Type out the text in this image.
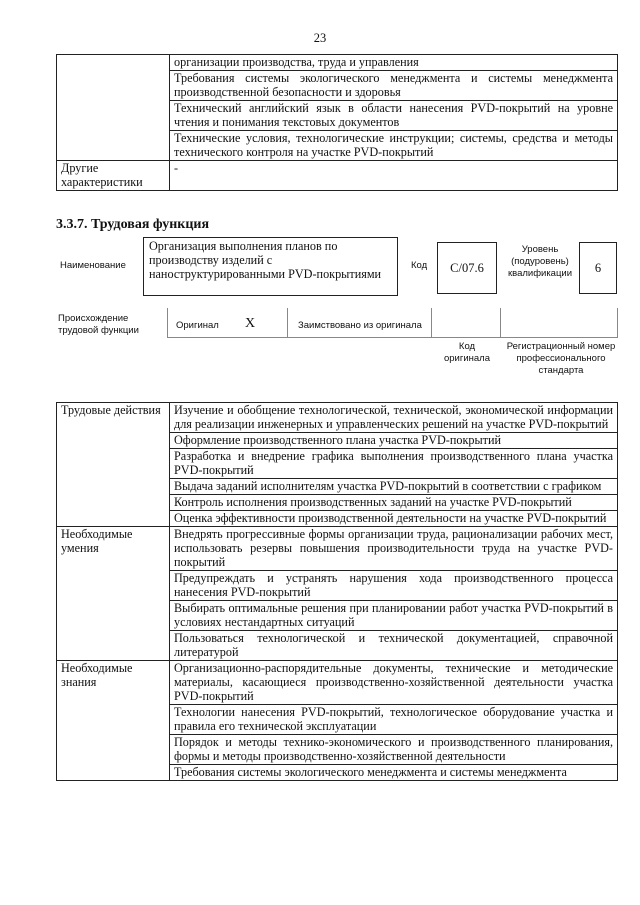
23
	организации производства, труда и управления
	Требования системы экологического менеджмента и системы менеджмента производственной безопасности и здоровья
	Технический английский язык в области нанесения PVD-покрытий на уровне чтения и понимания текстовых документов
	Технические условия, технологические инструкции; системы, средства и методы технического контроля на участке PVD-покрытий
Другие характеристики	-
3.3.7. Трудовая функция
Наименование
Организация выполнения планов по производству изделий с наноструктурированными PVD-покрытиями
Код	C/07.6
Уровень (подуровень) квалификации	6
Происхождение трудовой функции	Оригинал X	Заимствовано из оригинала
Код оригинала
Регистрационный номер профессионального стандарта
Трудовые действия	Изучение и обобщение технологической, технической, экономической информации для реализации инженерных и управленческих решений на участке PVD-покрытий
	Оформление производственного плана участка PVD-покрытий
	Разработка и внедрение графика выполнения производственного плана участка PVD-покрытий
	Выдача заданий исполнителям участка PVD-покрытий в соответствии с графиком
	Контроль исполнения производственных заданий на участке PVD-покрытий
	Оценка эффективности производственной деятельности на участке PVD-покрытий
Необходимые умения	Внедрять прогрессивные формы организации труда, рационализации рабочих мест, использовать резервы повышения производительности труда на участке PVD-покрытий
	Предупреждать и устранять нарушения хода производственного процесса нанесения PVD-покрытий
	Выбирать оптимальные решения при планировании работ участка PVD-покрытий в условиях нестандартных ситуаций
	Пользоваться технологической и технической документацией, справочной литературой
Необходимые знания	Организационно-распорядительные документы, технические и методические материалы, касающиеся производственно-хозяйственной деятельности участка PVD-покрытий
	Технологии нанесения PVD-покрытий, технологическое оборудование участка и правила его технической эксплуатации
	Порядок и методы технико-экономического и производственного планирования, формы и методы производственно-хозяйственной деятельности
	Требования системы экологического менеджмента и системы менеджмента
